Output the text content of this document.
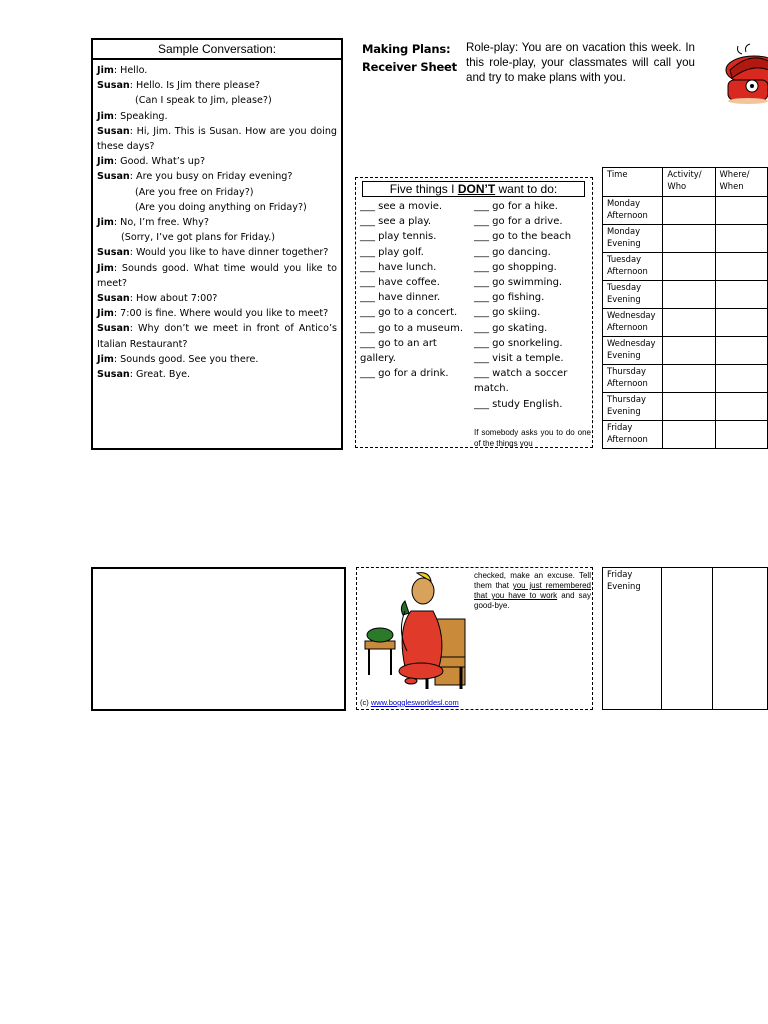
Sample Conversation:
Jim: Hello.
Susan: Hello. Is Jim there please?
(Can I speak to Jim, please?)
Jim: Speaking.
Susan: Hi, Jim. This is Susan. How are you doing these days?
Jim: Good. What’s up?
Susan: Are you busy on Friday evening?
(Are you free on Friday?)
(Are you doing anything on Friday?)
Jim: No, I’m free. Why?
(Sorry, I’ve got plans for Friday.)
Susan: Would you like to have dinner together?
Jim: Sounds good. What time would you like to meet?
Susan: How about 7:00?
Jim: 7:00 is fine. Where would you like to meet?
Susan: Why don’t we meet in front of Antico’s Italian Restaurant?
Jim: Sounds good. See you there.
Susan: Great. Bye.
Making Plans:
Receiver Sheet
Role-play: You are on vacation this week. In this role-play, your classmates will call you and try to make plans with you.
Five things I DON’T want to do:
___ see a movie.
___ see a play.
___ play tennis.
___ play golf.
___ have lunch.
___ have coffee.
___ have dinner.
___ go to a concert.
___ go to a museum.
___ go to an art gallery.
___ go for a drink.
___ go for a hike.
___ go for a drive.
___ go to the beach
___ go dancing.
___ go shopping.
___ go swimming.
___ go fishing.
___ go skiing.
___ go skating.
___ go snorkeling.
___ visit a temple.
___ watch a soccer match.
___ study English.
If somebody asks you to do one of the things you
checked, make an excuse. Tell them that you just remembered that you have to work and say good-bye.
(c) www.bogglesworldesl.com
Time	Activity/ Who	Where/ When
Monday Afternoon		
Monday Evening		
Tuesday Afternoon		
Tuesday Evening		
Wednesday Afternoon		
Wednesday Evening		
Thursday Afternoon		
Thursday Evening		
Friday Afternoon		
Friday Evening		
